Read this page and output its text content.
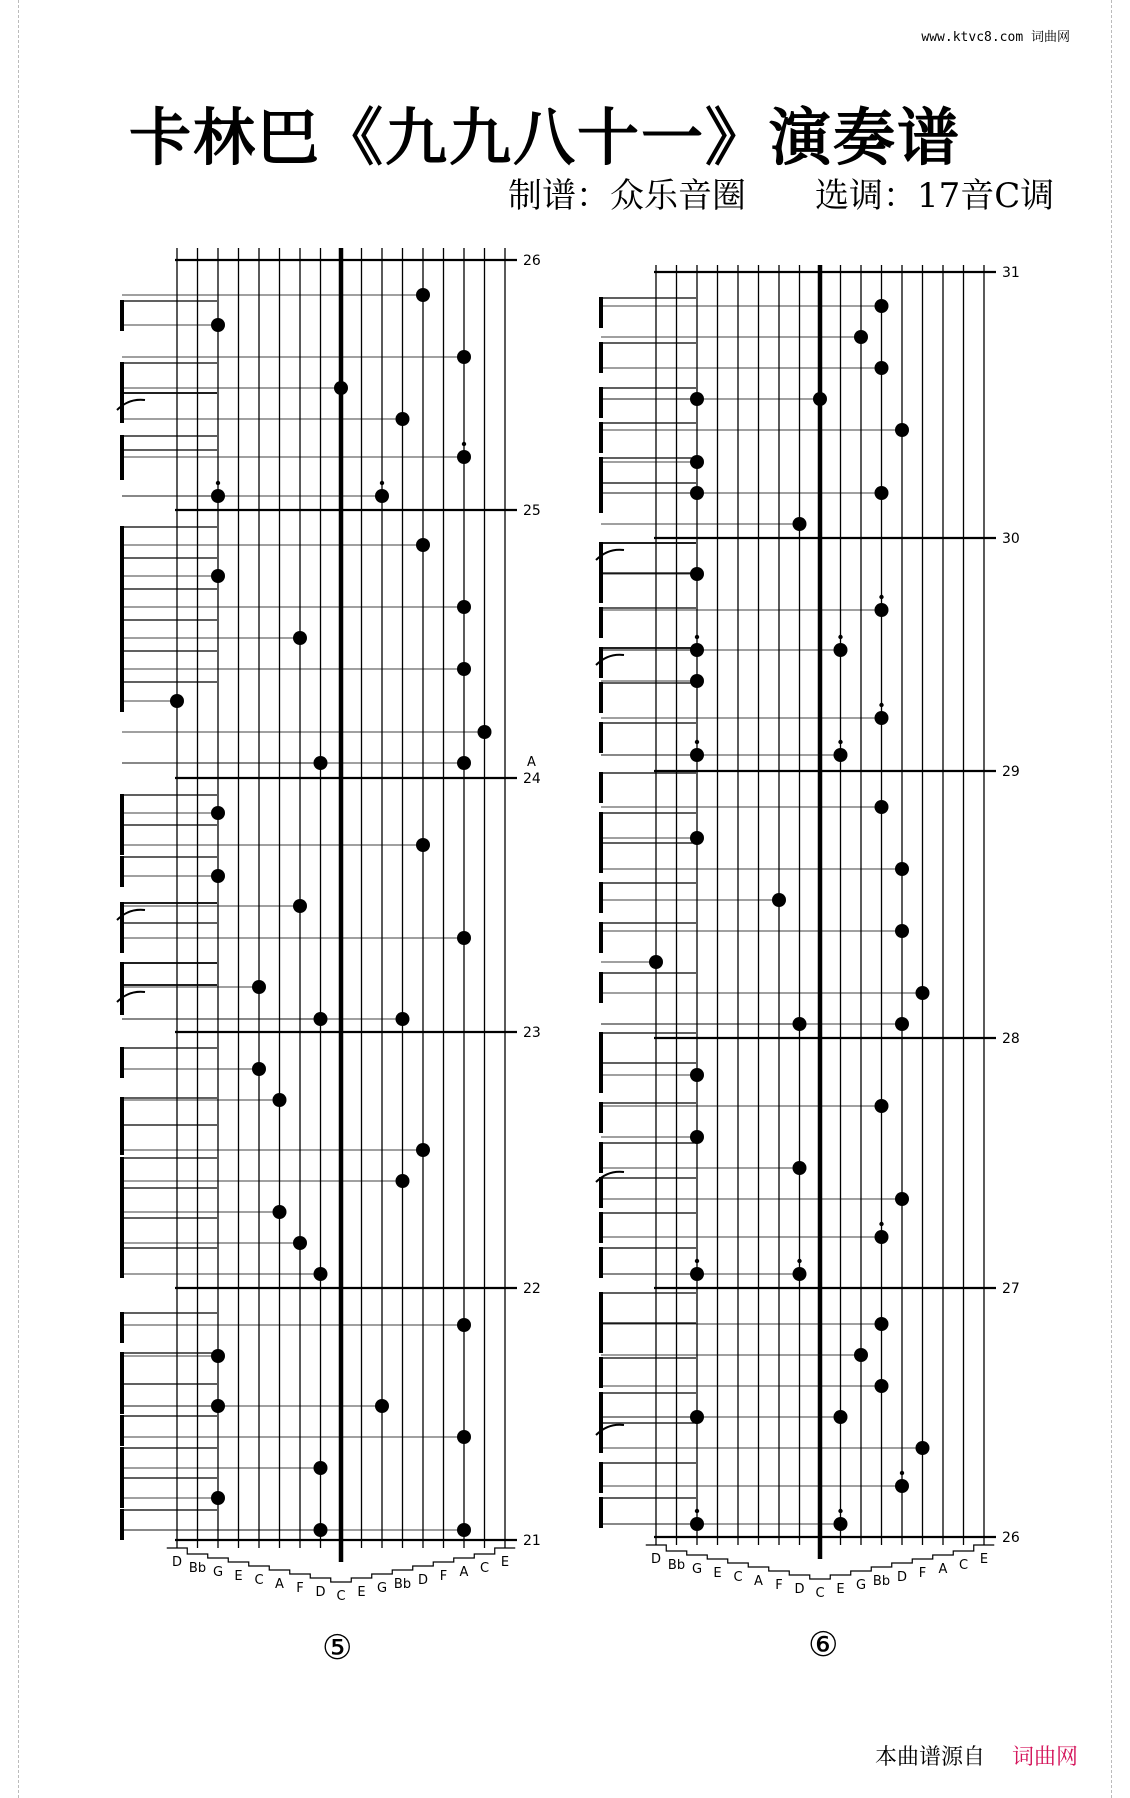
www.ktvc8.com 词曲网
卡林巴《九九八十一》演奏谱
制谱：众乐音圈 选调：17音C调
26
25
24
23
22
21
A
D Bb G E C A F D C E G Bb D F A C E
31
30
29
28
27
26
D Bb G E C A F D C E G Bb D F A C E
⑤	⑥
本曲谱源自 词曲网
